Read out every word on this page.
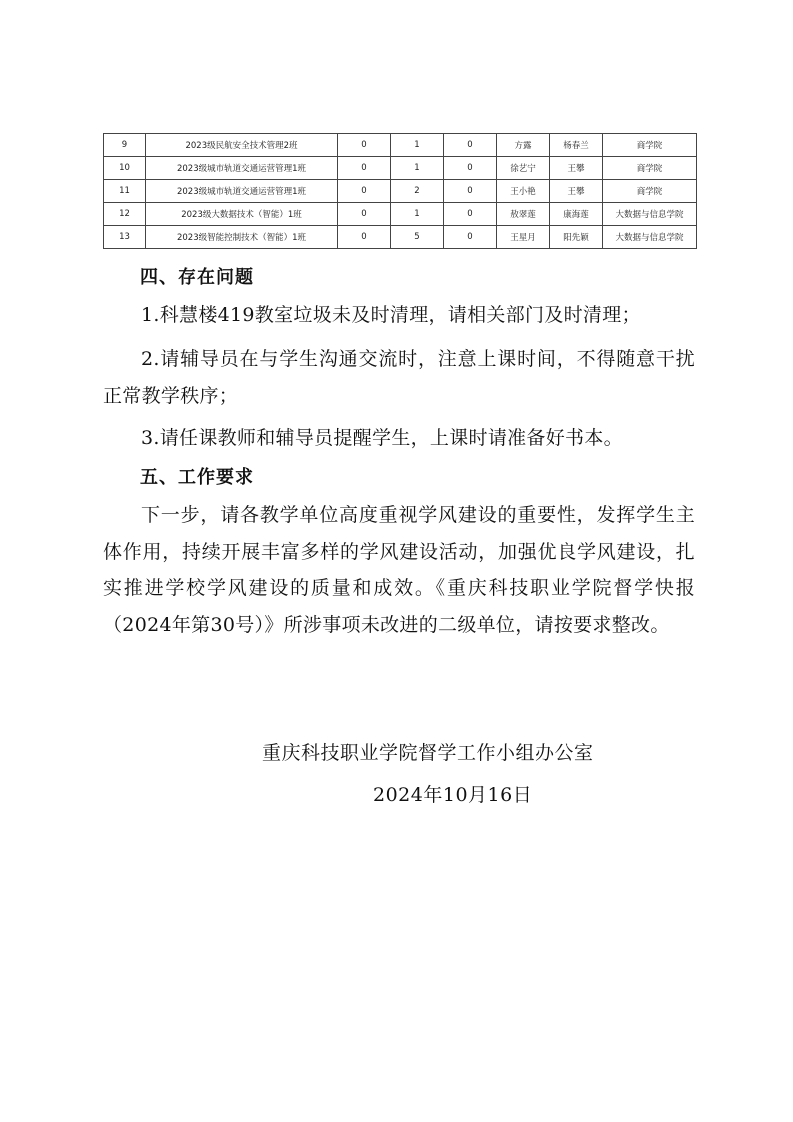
9	2023级民航安全技术管理2班	0	1	0	方露	杨春兰	商学院
10	2023级城市轨道交通运营管理1班	0	1	0	徐艺宁	王攀	商学院
11	2023级城市轨道交通运营管理1班	0	2	0	王小艳	王攀	商学院
12	2023级大数据技术（智能）1班	0	1	0	敖翠莲	康海莲	大数据与信息学院
13	2023级智能控制技术（智能）1班	0	5	0	王星月	阳先颖	大数据与信息学院
四、存在问题

1.科慧楼419教室垃圾未及时清理，请相关部门及时清理；

2.请辅导员在与学生沟通交流时，注意上课时间，不得随意干扰正常教学秩序；

3.请任课教师和辅导员提醒学生，上课时请准备好书本。

五、工作要求

下一步，请各教学单位高度重视学风建设的重要性，发挥学生主体作用，持续开展丰富多样的学风建设活动，加强优良学风建设，扎实推进学校学风建设的质量和成效。《重庆科技职业学院督学快报（2024年第30号）》所涉事项未改进的二级单位，请按要求整改。

重庆科技职业学院督学工作小组办公室

2024年10月16日
